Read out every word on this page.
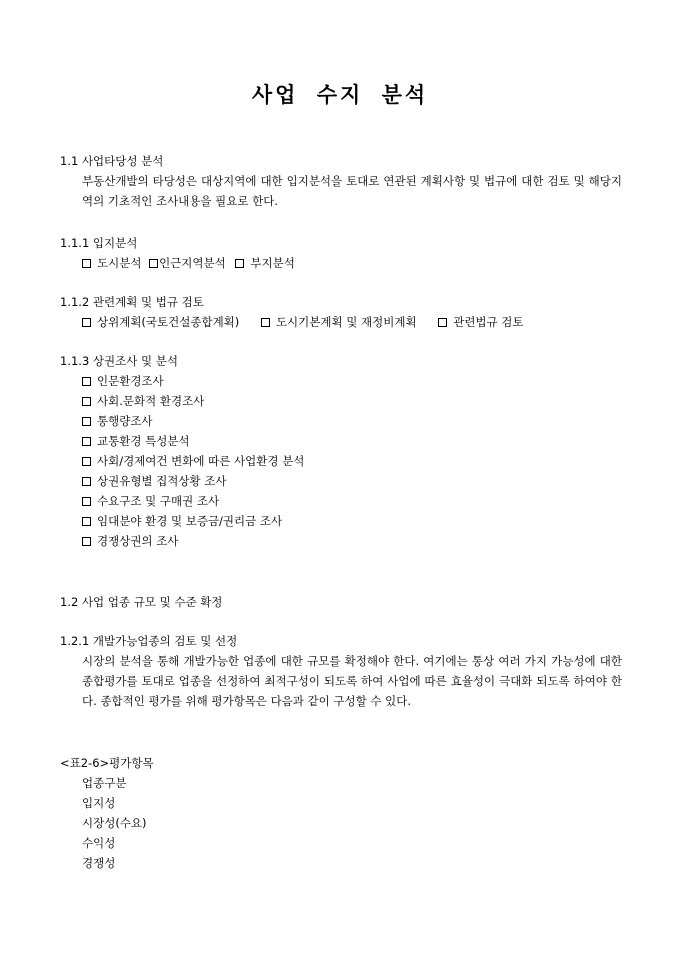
사업 수지 분석
1.1 사업타당성 분석
부동산개발의 타당성은 대상지역에 대한 입지분석을 토대로 연관된 계획사항 및 법규에 대한 검토 및 해당지역의 기초적인 조사내용을 필요로 한다.
1.1.1 입지분석
도시분석 인근지역분석 부지분석
1.1.2 관련계획 및 법규 검토
상위계획(국토건설종합계획)	도시기본계획 및 재정비계획	관련법규 검토
1.1.3 상권조사 및 분석
인문환경조사
사회.문화적 환경조사
통행량조사
교통환경 특성분석
사회/경제여건 변화에 따른 사업환경 분석
상권유형별 집적상황 조사
수요구조 및 구매권 조사
임대분야 환경 및 보증금/권리금 조사
경쟁상권의 조사
1.2 사업 업종 규모 및 수준 확정
1.2.1 개발가능업종의 검토 및 선정
시장의 분석을 통해 개발가능한 업종에 대한 규모를 확정해야 한다. 여기에는 통상 여러 가지 가능성에 대한 종합평가를 토대로 업종을 선정하여 최적구성이 되도록 하여 사업에 따른 효율성이 극대화 되도록 하여야 한다. 종합적인 평가를 위해 평가항목은 다음과 같이 구성할 수 있다.
<표2-6>평가항목
업종구분
입지성
시장성(수요)
수익성
경쟁성
